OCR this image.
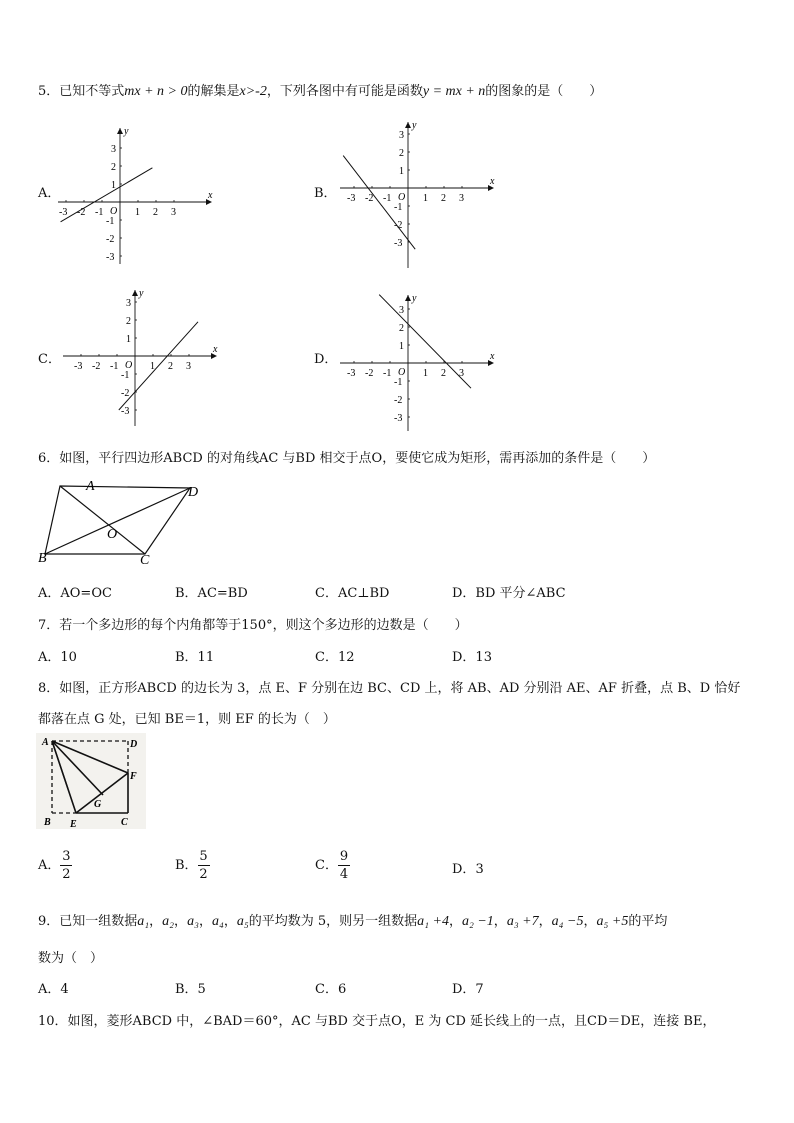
5．已知不等式mx + n > 0的解集是x>-2，下列各图中有可能是函数y = mx + n的图象的是（　　）
A．	B．
C．	D．
x
y
O
-3
-3
-2
-2
-1
-1
1
1
2
2
3
3
x
y
O
-3
-3
-2
-2
-1
-1
1
1
2
2
3
3
x
y
O
-3
-3
-2
-2
-1
-1
1
1
2
2
3
3
x
y
O
-3
-3
-2
-2
-1
-1
1
1
2
2
3
3
6．如图，平行四边形ABCD 的对角线AC 与BD 相交于点O，要使它成为矩形，需再添加的条件是（　　）
A	D
B	C
O
A．AO=OC	B．AC=BD	C．AC⊥BD	D．BD 平分∠ABC
7．若一个多边形的每个内角都等于150°，则这个多边形的边数是（　　）
A．10	B．11	C．12	D．13
8．如图，正方形ABCD 的边长为 3，点 E、F 分别在边 BC、CD 上，将 AB、AD 分别沿 AE、AF 折叠，点 B、D 恰好
都落在点 G 处，已知 BE＝1，则 EF 的长为（　）
A	D
F
G
B E	C
A． $\frac{3}{2}$	B． $\frac{5}{2}$	C． $\frac{9}{4}$	D．3
9．已知一组数据a₁，a₂，a₃，a₄，a₅的平均数为 5，则另一组数据a₁ +4，a₂ −1，a₃ +7，a₄ −5，a₅ +5的平均
数为（　）
A．4	B．5	C．6	D．7
10．如图，菱形ABCD 中，∠BAD＝60°，AC 与BD 交于点O，E 为 CD 延长线上的一点，且CD＝DE，连接 BE，
